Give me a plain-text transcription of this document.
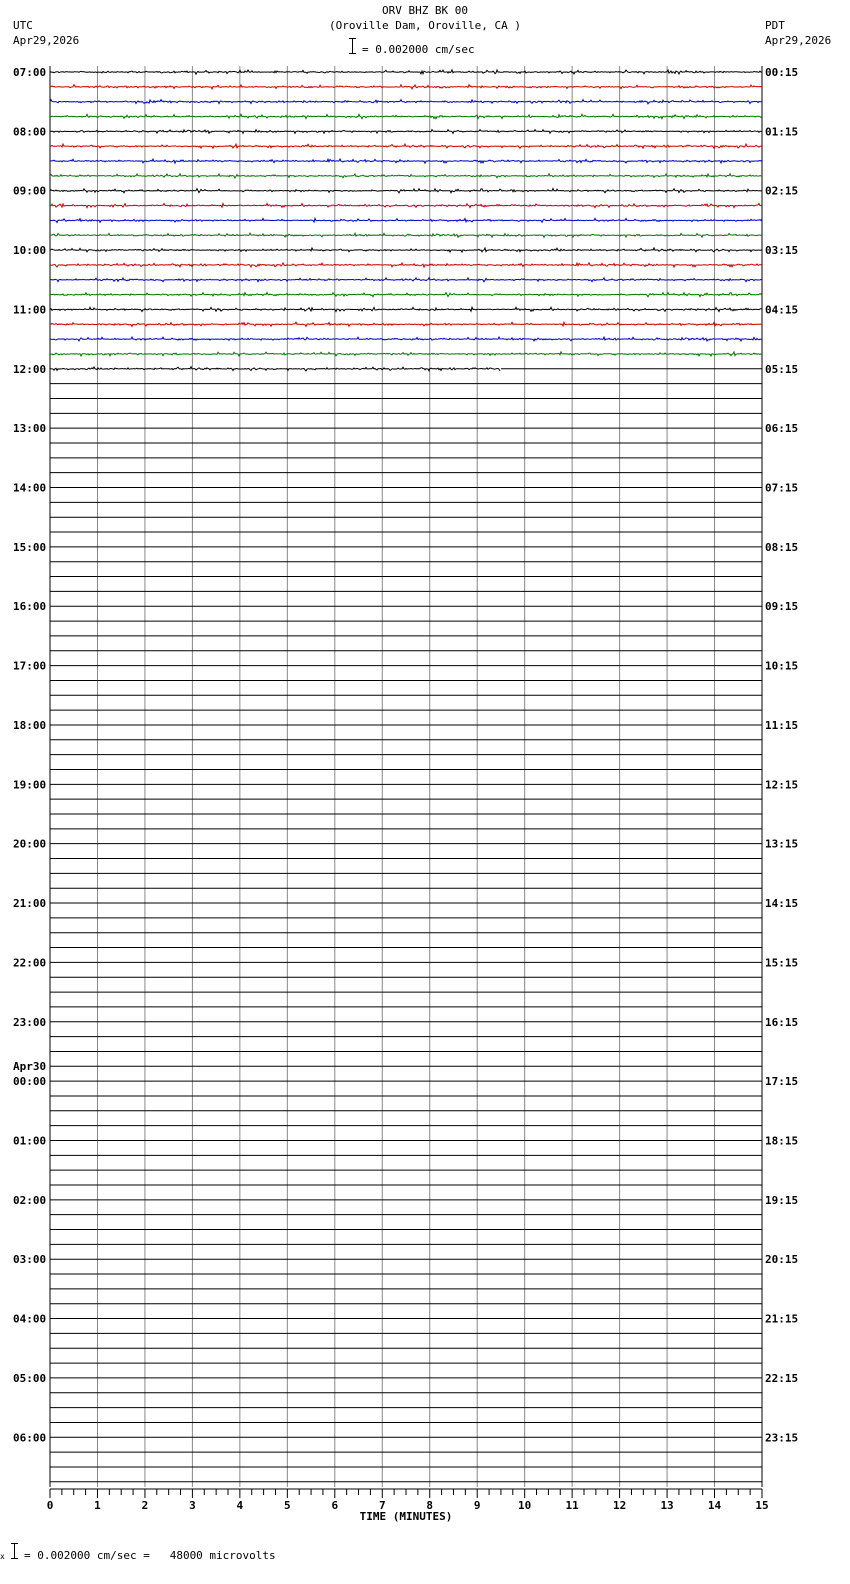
ORV BHZ BK 00
(Oroville Dam, Oroville, CA )
= 0.002000 cm/sec
UTC
Apr29,2026
PDT
Apr29,2026
07:00	00:15
08:00	01:15
09:00	02:15
10:00	03:15
11:00	04:15
12:00	05:15
13:00	06:15
14:00	07:15
15:00	08:15
16:00	09:15
17:00	10:15
18:00	11:15
19:00	12:15
20:00	13:15
21:00	14:15
22:00	15:15
23:00	16:15
00:00	17:15
Apr30
01:00	18:15
02:00	19:15
03:00	20:15
04:00	21:15
05:00	22:15
06:00	23:15
0	1	2	3	4	5	6	7	8	9	10	11	12	13	14	15
TIME (MINUTES)
x = 0.002000 cm/sec =   48000 microvolts
